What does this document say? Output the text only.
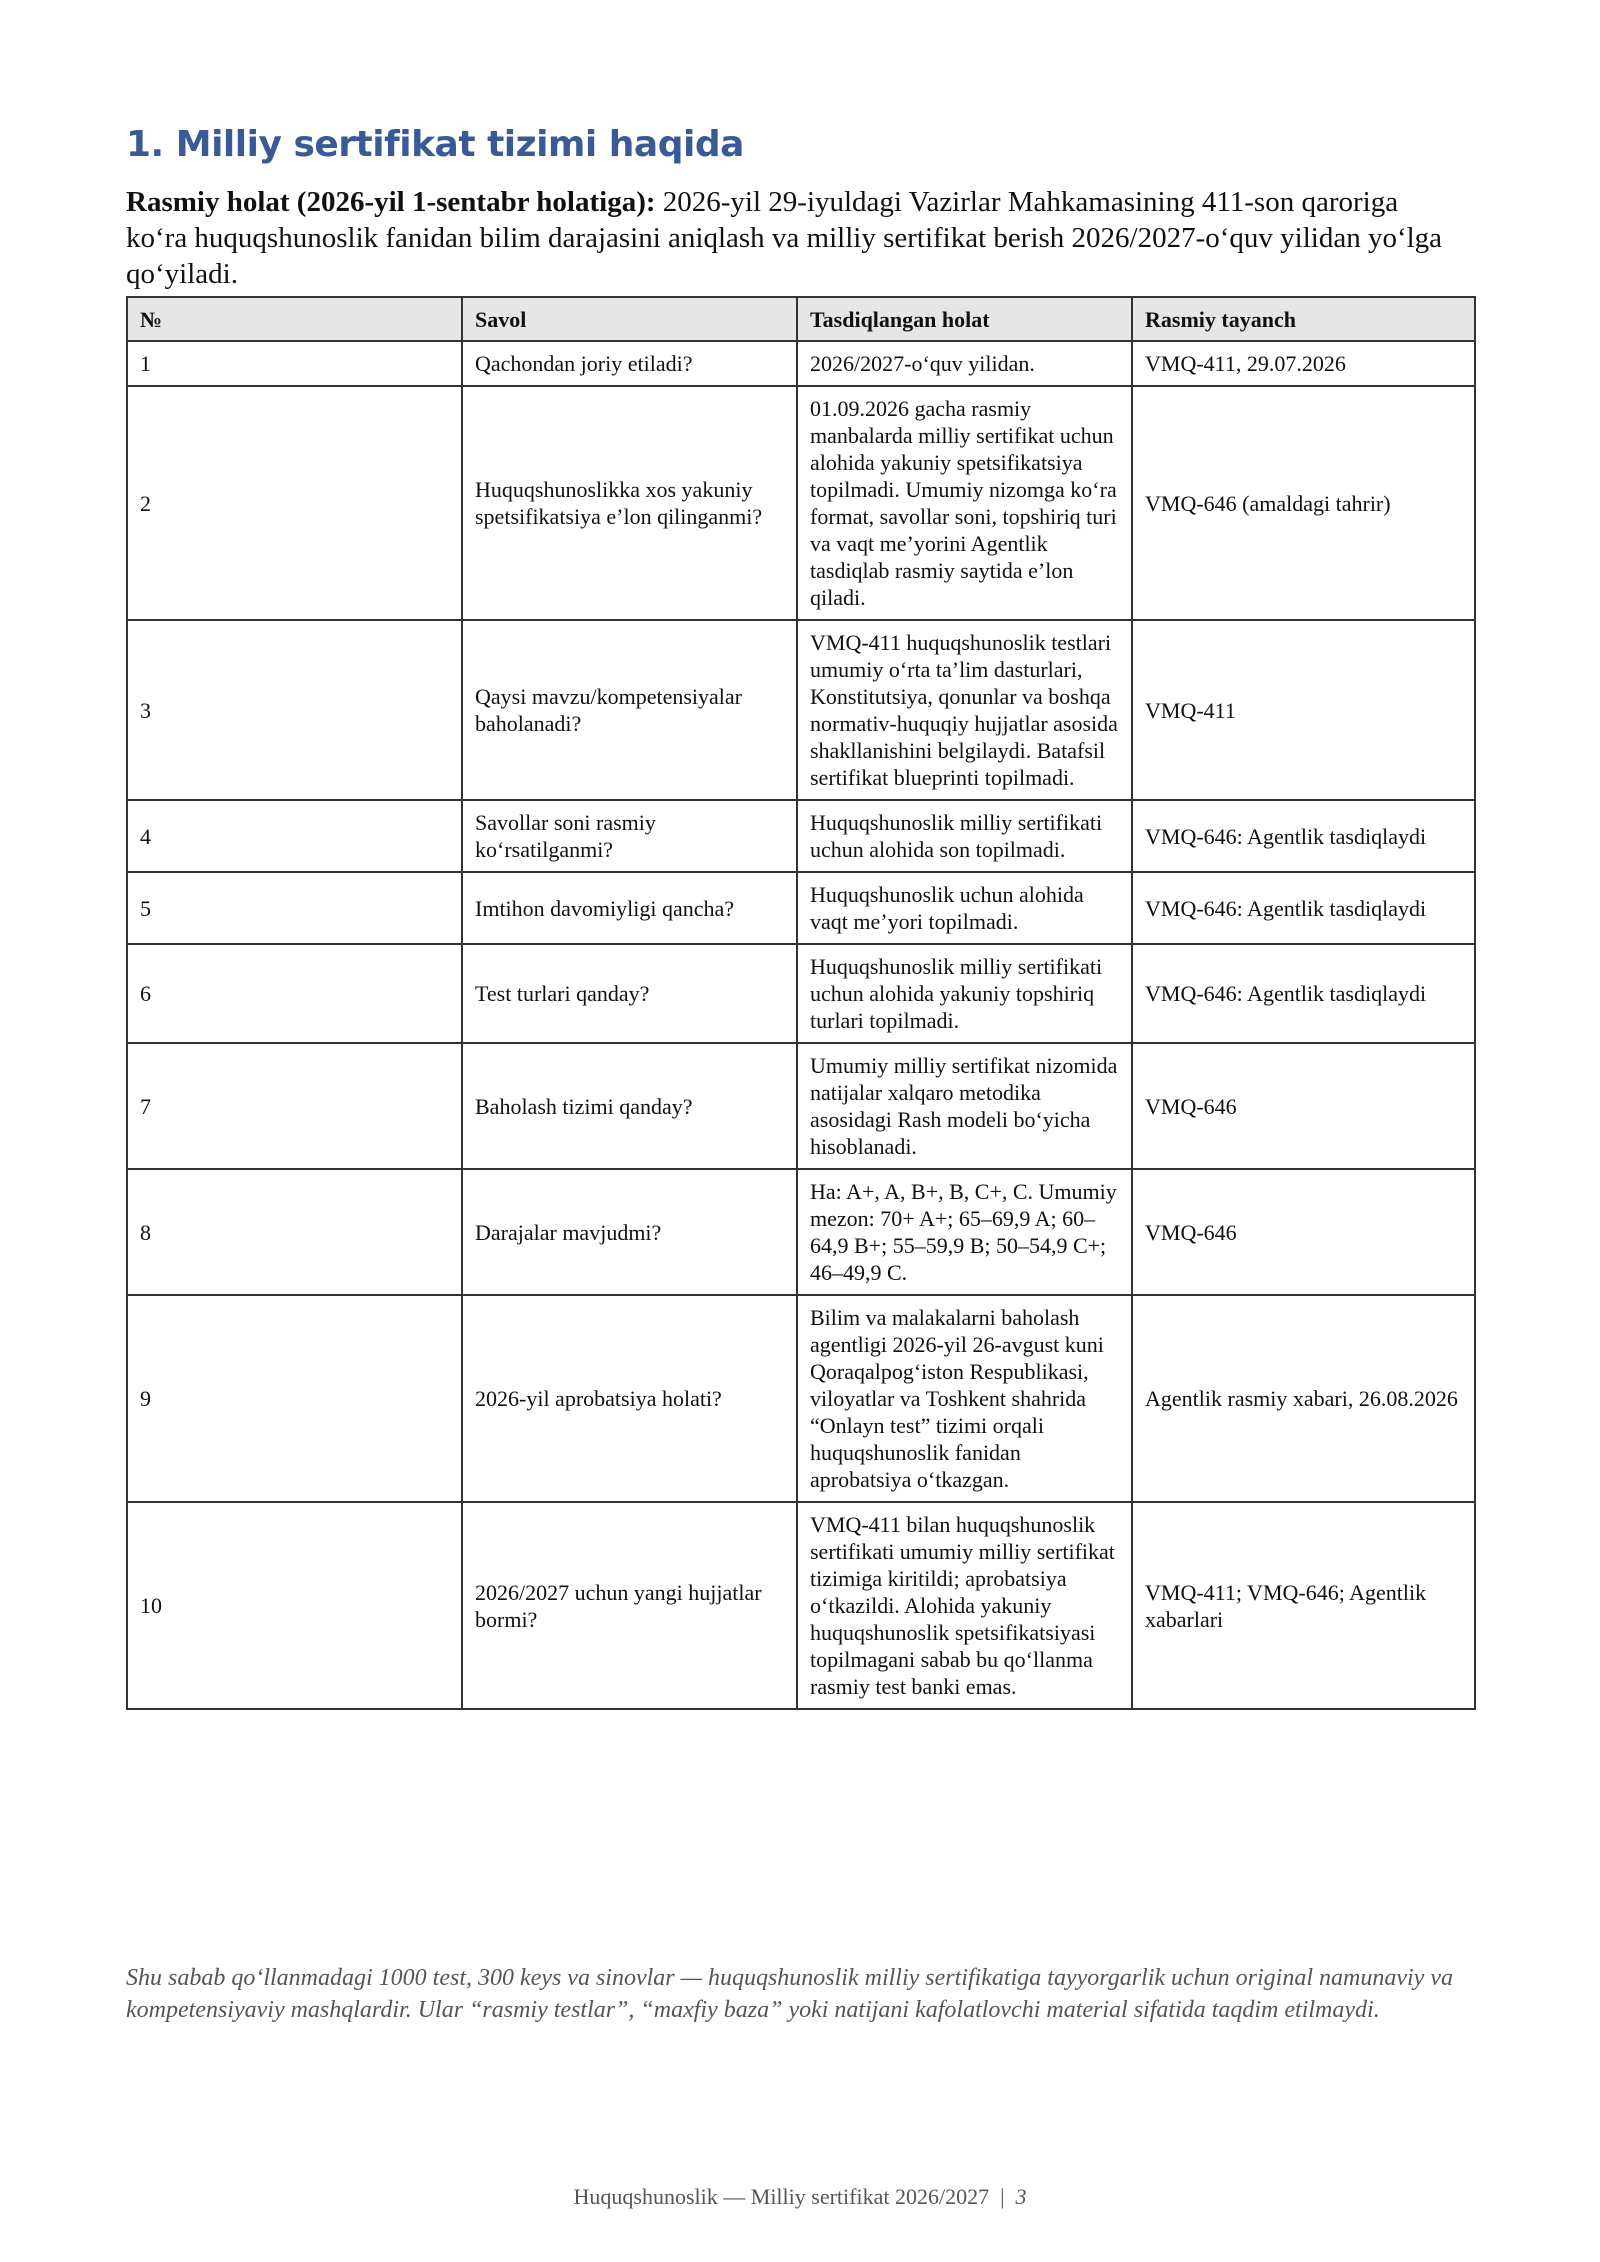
1. Milliy sertifikat tizimi haqida

Rasmiy holat (2026-yil 1-sentabr holatiga): 2026-yil 29-iyuldagi Vazirlar Mahkamasining 411-son qaroriga ko‘ra huquqshunoslik fanidan bilim darajasini aniqlash va milliy sertifikat berish 2026/2027-o‘quv yilidan yo‘lga qo‘yiladi.

№	Savol	Tasdiqlangan holat	Rasmiy tayanch
1	Qachondan joriy etiladi?	2026/2027-o‘quv yilidan.	VMQ-411, 29.07.2026
2	Huquqshunoslikka xos yakuniy spetsifikatsiya e’lon qilinganmi?	01.09.2026 gacha rasmiy manbalarda milliy sertifikat uchun alohida yakuniy spetsifikatsiya topilmadi. Umumiy nizomga ko‘ra format, savollar soni, topshiriq turi va vaqt me’yorini Agentlik tasdiqlab rasmiy saytida e’lon qiladi.	VMQ-646 (amaldagi tahrir)
3	Qaysi mavzu/kompetensiyalar baholanadi?	VMQ-411 huquqshunoslik testlari umumiy o‘rta ta’lim dasturlari, Konstitutsiya, qonunlar va boshqa normativ-huquqiy hujjatlar asosida shakllanishini belgilaydi. Batafsil sertifikat blueprinti topilmadi.	VMQ-411
4	Savollar soni rasmiy ko‘rsatilganmi?	Huquqshunoslik milliy sertifikati uchun alohida son topilmadi.	VMQ-646: Agentlik tasdiqlaydi
5	Imtihon davomiyligi qancha?	Huquqshunoslik uchun alohida vaqt me’yori topilmadi.	VMQ-646: Agentlik tasdiqlaydi
6	Test turlari qanday?	Huquqshunoslik milliy sertifikati uchun alohida yakuniy topshiriq turlari topilmadi.	VMQ-646: Agentlik tasdiqlaydi
7	Baholash tizimi qanday?	Umumiy milliy sertifikat nizomida natijalar xalqaro metodika asosidagi Rash modeli bo‘yicha hisoblanadi.	VMQ-646
8	Darajalar mavjudmi?	Ha: A+, A, B+, B, C+, C. Umumiy mezon: 70+ A+; 65–69,9 A; 60–64,9 B+; 55–59,9 B; 50–54,9 C+; 46–49,9 C.	VMQ-646
9	2026-yil aprobatsiya holati?	Bilim va malakalarni baholash agentligi 2026-yil 26-avgust kuni Qoraqalpog‘iston Respublikasi, viloyatlar va Toshkent shahrida “Onlayn test” tizimi orqali huquqshunoslik fanidan aprobatsiya o‘tkazgan.	Agentlik rasmiy xabari, 26.08.2026
10	2026/2027 uchun yangi hujjatlar bormi?	VMQ-411 bilan huquqshunoslik sertifikati umumiy milliy sertifikat tizimiga kiritildi; aprobatsiya o‘tkazildi. Alohida yakuniy huquqshunoslik spetsifikatsiyasi topilmagani sabab bu qo‘llanma rasmiy test banki emas.	VMQ-411; VMQ-646; Agentlik xabarlari

Shu sabab qo‘llanmadagi 1000 test, 300 keys va sinovlar — huquqshunoslik milliy sertifikatiga tayyorgarlik uchun original namunaviy va kompetensiyaviy mashqlardir. Ular “rasmiy testlar”, “maxfiy baza” yoki natijani kafolatlovchi material sifatida taqdim etilmaydi.

Huquqshunoslik — Milliy sertifikat 2026/2027 | 3
